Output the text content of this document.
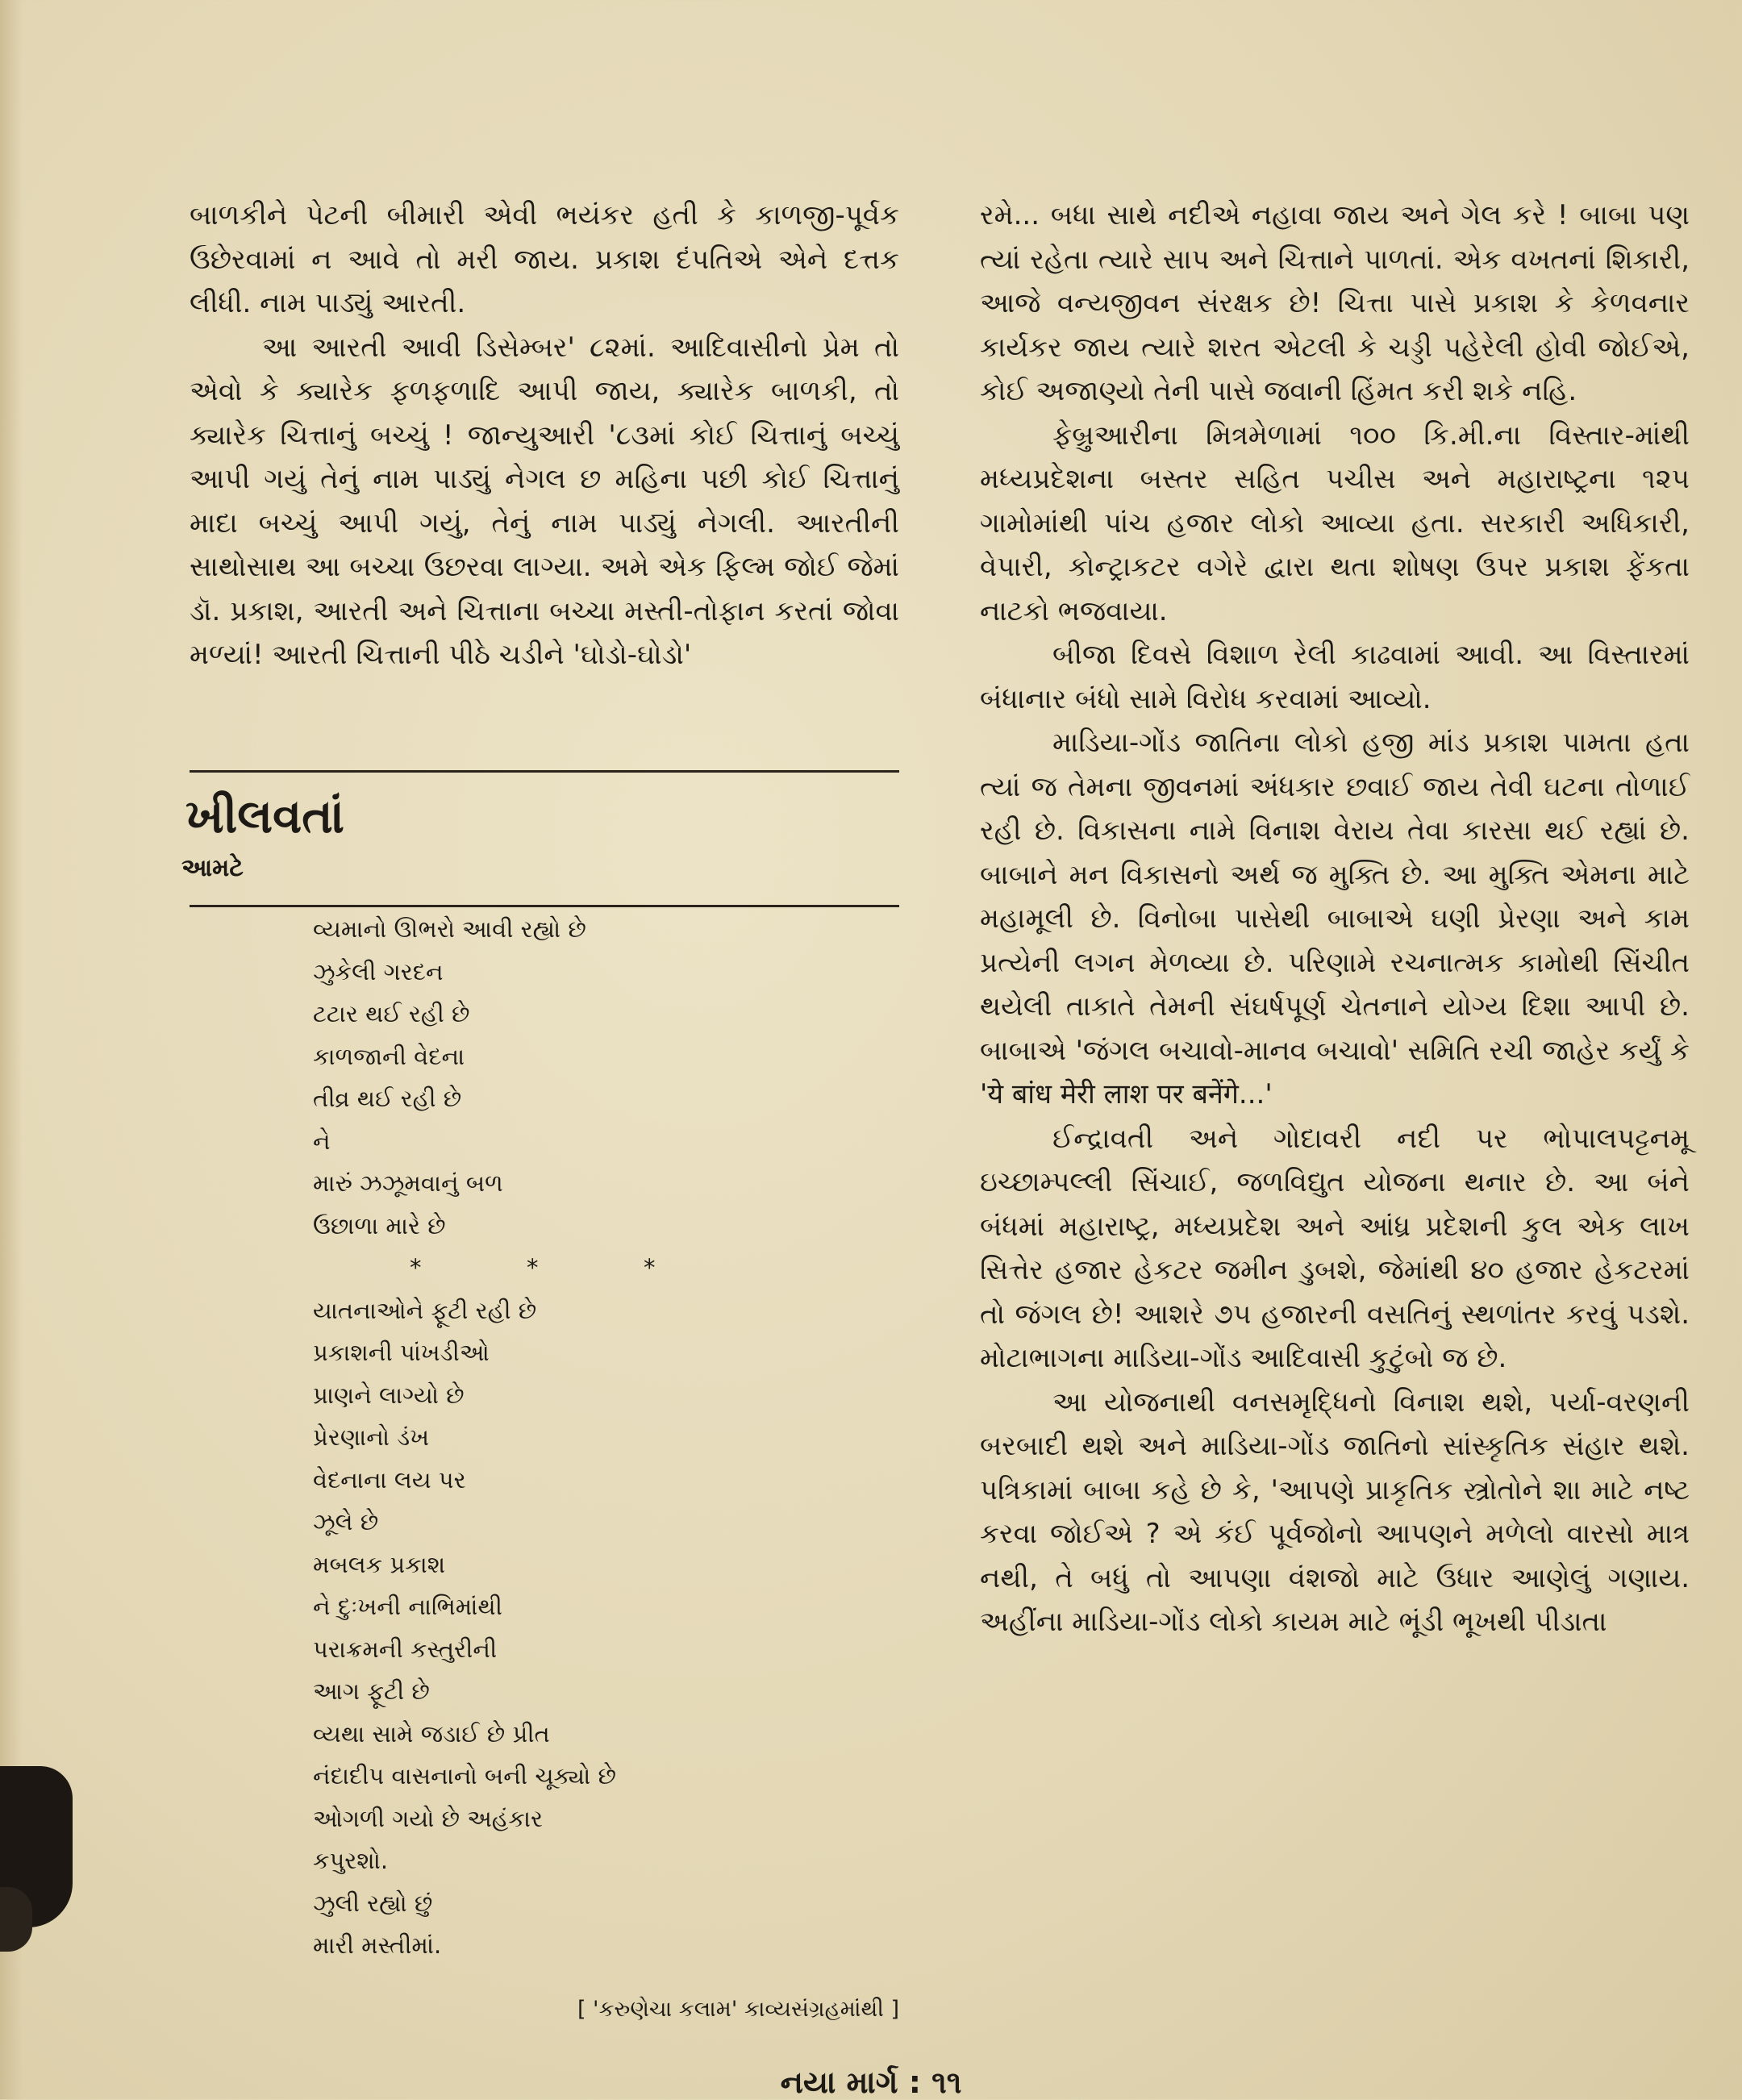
બાળકીને પેટની બીમારી એવી ભયંકર હતી કે કાળજી-પૂર્વક ઉછેરવામાં ન આવે તો મરી જાય. પ્રકાશ દંપતિએ એને દત્તક લીધી. નામ પાડ્યું આરતી.

આ આરતી આવી ડિસેમ્બર' ૮૨માં. આદિવાસીનો પ્રેમ તો એવો કે ક્યારેક ફળફળાદિ આપી જાય, ક્યારેક બાળકી, તો ક્યારેક ચિત્તાનું બચ્ચું ! જાન્યુઆરી '૮૩માં કોઈ ચિત્તાનું બચ્ચું આપી ગયું તેનું નામ પાડ્યું નેગલ છ મહિના પછી કોઈ ચિત્તાનું માદા બચ્ચું આપી ગયું, તેનું નામ પાડ્યું નેગલી. આરતીની સાથોસાથ આ બચ્ચા ઉછરવા લાગ્યા. અમે એક ફિલ્મ જોઈ જેમાં ડૉ. પ્રકાશ, આરતી અને ચિત્તાના બચ્ચા મસ્તી-તોફાન કરતાં જોવા મળ્યાં! આરતી ચિત્તાની પીઠે ચડીને 'ઘોડો-ઘોડો'

ખીલવતાં
આમટે
વ્યમાનો ઊભરો આવી રહ્યો છે
ઝુકેલી ગરદન
ટટાર થઈ રહી છે
કાળજાની વેદના
તીવ્ર થઈ રહી છે
ને
મારું ઝઝૂમવાનું બળ
ઉછાળા મારે છે
*	*	*
યાતનાઓને ફૂટી રહી છે
પ્રકાશની પાંખડીઓ
પ્રાણને લાગ્યો છે
પ્રેરણાનો ડંખ
વેદનાના લય પર
ઝૂલે છે
મબલક પ્રકાશ
ને દુઃખની નાભિમાંથી
પરાક્રમની કસ્તુરીની
આગ ફૂટી છે
વ્યથા સામે જડાઈ છે પ્રીત
નંદાદીપ વાસનાનો બની ચૂક્યો છે
ઓગળી ગયો છે અહંકાર
કપુરશો.
ઝુલી રહ્યો છું
મારી મસ્તીમાં.
[ 'કરુણેચા કલામ' કાવ્યસંગ્રહમાંથી ]

રમે... બધા સાથે નદીએ નહાવા જાય અને ગેલ કરે ! બાબા પણ ત્યાં રહેતા ત્યારે સાપ અને ચિત્તાને પાળતાં. એક વખતનાં શિકારી, આજે વન્યજીવન સંરક્ષક છે! ચિત્તા પાસે પ્રકાશ કે કેળવનાર કાર્યકર જાય ત્યારે શરત એટલી કે ચડ્ડી પહેરેલી હોવી જોઈએ, કોઈ અજાણ્યો તેની પાસે જવાની હિંમત કરી શકે નહિ.

ફેબ્રુઆરીના મિત્રમેળામાં ૧૦૦ કિ.મી.ના વિસ્તાર-માંથી મધ્યપ્રદેશના બસ્તર સહિત પચીસ અને મહારાષ્ટ્રના ૧૨૫ ગામોમાંથી પાંચ હજાર લોકો આવ્યા હતા. સરકારી અધિકારી, વેપારી, કોન્ટ્રાકટર વગેરે દ્વારા થતા શોષણ ઉપર પ્રકાશ ફેંકતા નાટકો ભજવાયા.

બીજા દિવસે વિશાળ રેલી કાઢવામાં આવી. આ વિસ્તારમાં બંધાનાર બંધો સામે વિરોધ કરવામાં આવ્યો.

માડિયા-ગોંડ જાતિના લોકો હજી માંડ પ્રકાશ પામતા હતા ત્યાં જ તેમના જીવનમાં અંધકાર છવાઈ જાય તેવી ઘટના તોળાઈ રહી છે. વિકાસના નામે વિનાશ વેરાય તેવા કારસા થઈ રહ્યાં છે. બાબાને મન વિકાસનો અર્થ જ મુક્તિ છે. આ મુક્તિ એમના માટે મહામૂલી છે. વિનોબા પાસેથી બાબાએ ઘણી પ્રેરણા અને કામ પ્રત્યેની લગન મેળવ્યા છે. પરિણામે રચનાત્મક કામોથી સિંચીત થયેલી તાકાતે તેમની સંઘર્ષપૂર્ણ ચેતનાને યોગ્ય દિશા આપી છે. બાબાએ 'જંગલ બચાવો-માનવ બચાવો' સમિતિ રચી જાહેર કર્યું કે 'ये बांध मेरी लाश पर बनेंगे...'

ઈન્દ્રાવતી અને ગોદાવરી નદી પર ભોપાલપટ્ટનમૂ ઇચ્છામ્પલ્લી સિંચાઈ, જળવિદ્યુત યોજના થનાર છે. આ બંને બંધમાં મહારાષ્ટ્ર, મધ્યપ્રદેશ અને આંધ્ર પ્રદેશની કુલ એક લાખ સિત્તેર હજાર હેકટર જમીન ડુબશે, જેમાંથી ૪૦ હજાર હેકટરમાં તો જંગલ છે! આશરે ૭૫ હજારની વસતિનું સ્થળાંતર કરવું પડશે. મોટાભાગના માડિયા-ગોંડ આદિવાસી કુટુંબો જ છે.

આ યોજનાથી વનસમૃદ્ધિનો વિનાશ થશે, પર્યા-વરણની બરબાદી થશે અને માડિયા-ગોંડ જાતિનો સાંસ્કૃતિક સંહાર થશે. પત્રિકામાં બાબા કહે છે કે, 'આપણે પ્રાકૃતિક સ્ત્રોતોને શા માટે નષ્ટ કરવા જોઈએ ? એ કંઈ પૂર્વજોનો આપણને મળેલો વારસો માત્ર નથી, તે બધું તો આપણા વંશજો માટે ઉધાર આણેલું ગણાય. અહીંના માડિયા-ગોંડ લોકો કાયમ માટે ભૂંડી ભૂખથી પીડાતા

નયા માર્ગ : ૧૧
